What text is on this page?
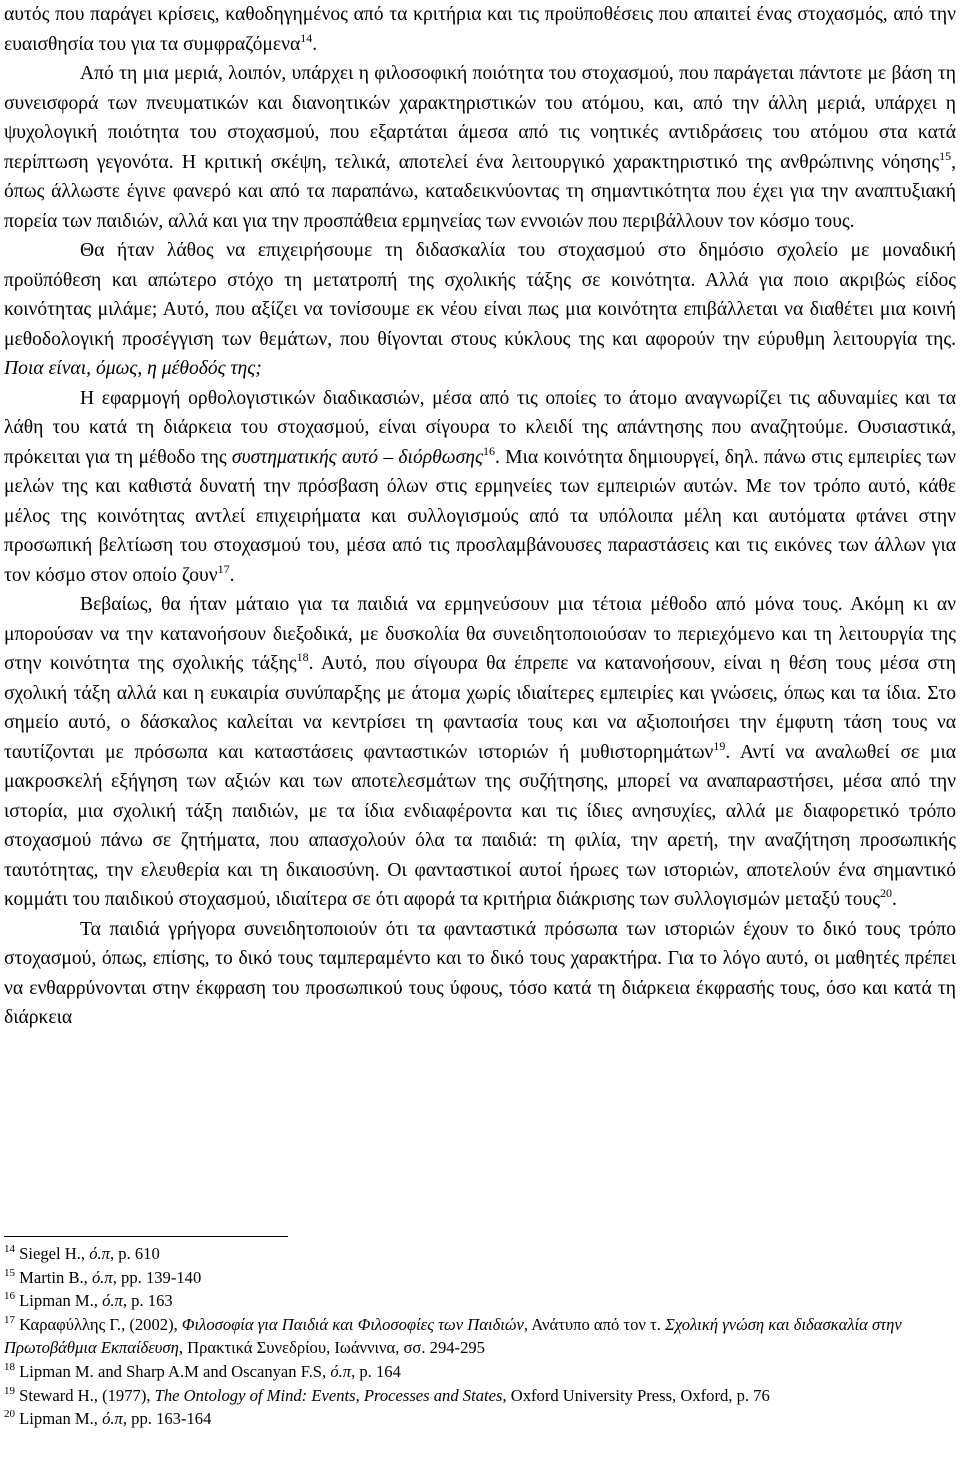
αυτός που παράγει κρίσεις, καθοδηγημένος από τα κριτήρια και τις προϋποθέσεις που απαιτεί ένας στοχασμός, από την ευαισθησία του για τα συμφραζόμενα$^{14}$.

Από τη μια μεριά, λοιπόν, υπάρχει η φιλοσοφική ποιότητα του στοχασμού, που παράγεται πάντοτε με βάση τη συνεισφορά των πνευματικών και διανοητικών χαρακτηριστικών του ατόμου, και, από την άλλη μεριά, υπάρχει η ψυχολογική ποιότητα του στοχασμού, που εξαρτάται άμεσα από τις νοητικές αντιδράσεις του ατόμου στα κατά περίπτωση γεγονότα. Η κριτική σκέψη, τελικά, αποτελεί ένα λειτουργικό χαρακτηριστικό της ανθρώπινης νόησης$^{15}$, όπως άλλωστε έγινε φανερό και από τα παραπάνω, καταδεικνύοντας τη σημαντικότητα που έχει για την αναπτυξιακή πορεία των παιδιών, αλλά και για την προσπάθεια ερμηνείας των εννοιών που περιβάλλουν τον κόσμο τους.

Θα ήταν λάθος να επιχειρήσουμε τη διδασκαλία του στοχασμού στο δημόσιο σχολείο με μοναδική προϋπόθεση και απώτερο στόχο τη μετατροπή της σχολικής τάξης σε κοινότητα. Αλλά για ποιο ακριβώς είδος κοινότητας μιλάμε; Αυτό, που αξίζει να τονίσουμε εκ νέου είναι πως μια κοινότητα επιβάλλεται να διαθέτει μια κοινή μεθοδολογική προσέγγιση των θεμάτων, που θίγονται στους κύκλους της και αφορούν την εύρυθμη λειτουργία της. Ποια είναι, όμως, η μέθοδός της;

Η εφαρμογή ορθολογιστικών διαδικασιών, μέσα από τις οποίες το άτομο αναγνωρίζει τις αδυναμίες και τα λάθη του κατά τη διάρκεια του στοχασμού, είναι σίγουρα το κλειδί της απάντησης που αναζητούμε. Ουσιαστικά, πρόκειται για τη μέθοδο της συστηματικής αυτό – διόρθωσης$^{16}$. Μια κοινότητα δημιουργεί, δηλ. πάνω στις εμπειρίες των μελών της και καθιστά δυνατή την πρόσβαση όλων στις ερμηνείες των εμπειριών αυτών. Με τον τρόπο αυτό, κάθε μέλος της κοινότητας αντλεί επιχειρήματα και συλλογισμούς από τα υπόλοιπα μέλη και αυτόματα φτάνει στην προσωπική βελτίωση του στοχασμού του, μέσα από τις προσλαμβάνουσες παραστάσεις και τις εικόνες των άλλων για τον κόσμο στον οποίο ζουν$^{17}$.

Βεβαίως, θα ήταν μάταιο για τα παιδιά να ερμηνεύσουν μια τέτοια μέθοδο από μόνα τους. Ακόμη κι αν μπορούσαν να την κατανοήσουν διεξοδικά, με δυσκολία θα συνειδητοποιούσαν το περιεχόμενο και τη λειτουργία της στην κοινότητα της σχολικής τάξης$^{18}$. Αυτό, που σίγουρα θα έπρεπε να κατανοήσουν, είναι η θέση τους μέσα στη σχολική τάξη αλλά και η ευκαιρία συνύπαρξης με άτομα χωρίς ιδιαίτερες εμπειρίες και γνώσεις, όπως και τα ίδια. Στο σημείο αυτό, ο δάσκαλος καλείται να κεντρίσει τη φαντασία τους και να αξιοποιήσει την έμφυτη τάση τους να ταυτίζονται με πρόσωπα και καταστάσεις φανταστικών ιστοριών ή μυθιστορημάτων$^{19}$. Αντί να αναλωθεί σε μια μακροσκελή εξήγηση των αξιών και των αποτελεσμάτων της συζήτησης, μπορεί να αναπαραστήσει, μέσα από την ιστορία, μια σχολική τάξη παιδιών, με τα ίδια ενδιαφέροντα και τις ίδιες ανησυχίες, αλλά με διαφορετικό τρόπο στοχασμού πάνω σε ζητήματα, που απασχολούν όλα τα παιδιά: τη φιλία, την αρετή, την αναζήτηση προσωπικής ταυτότητας, την ελευθερία και τη δικαιοσύνη. Οι φανταστικοί αυτοί ήρωες των ιστοριών, αποτελούν ένα σημαντικό κομμάτι του παιδικού στοχασμού, ιδιαίτερα σε ότι αφορά τα κριτήρια διάκρισης των συλλογισμών μεταξύ τους$^{20}$.

Τα παιδιά γρήγορα συνειδητοποιούν ότι τα φανταστικά πρόσωπα των ιστοριών έχουν το δικό τους τρόπο στοχασμού, όπως, επίσης, το δικό τους ταμπεραμέντο και το δικό τους χαρακτήρα. Για το λόγο αυτό, οι μαθητές πρέπει να ενθαρρύνονται στην έκφραση του προσωπικού τους ύφους, τόσο κατά τη διάρκεια έκφρασής τους, όσο και κατά τη διάρκεια

$^{14}$ Siegel H., ό.π, p. 610

$^{15}$ Martin B., ό.π, pp. 139-140

$^{16}$ Lipman M., ό.π, p. 163

$^{17}$ Καραφύλλης Γ., (2002), Φιλοσοφία για Παιδιά και Φιλοσοφίες των Παιδιών, Ανάτυπο από τον τ. Σχολική γνώση και διδασκαλία στην Πρωτοβάθμια Εκπαίδευση, Πρακτικά Συνεδρίου, Ιωάννινα, σσ. 294-295

$^{18}$ Lipman M. and Sharp A.M and Oscanyan F.S, ό.π, p. 164

$^{19}$ Steward H., (1977), The Ontology of Mind: Events, Processes and States, Oxford University Press, Oxford, p. 76

$^{20}$ Lipman M., ό.π, pp. 163-164
